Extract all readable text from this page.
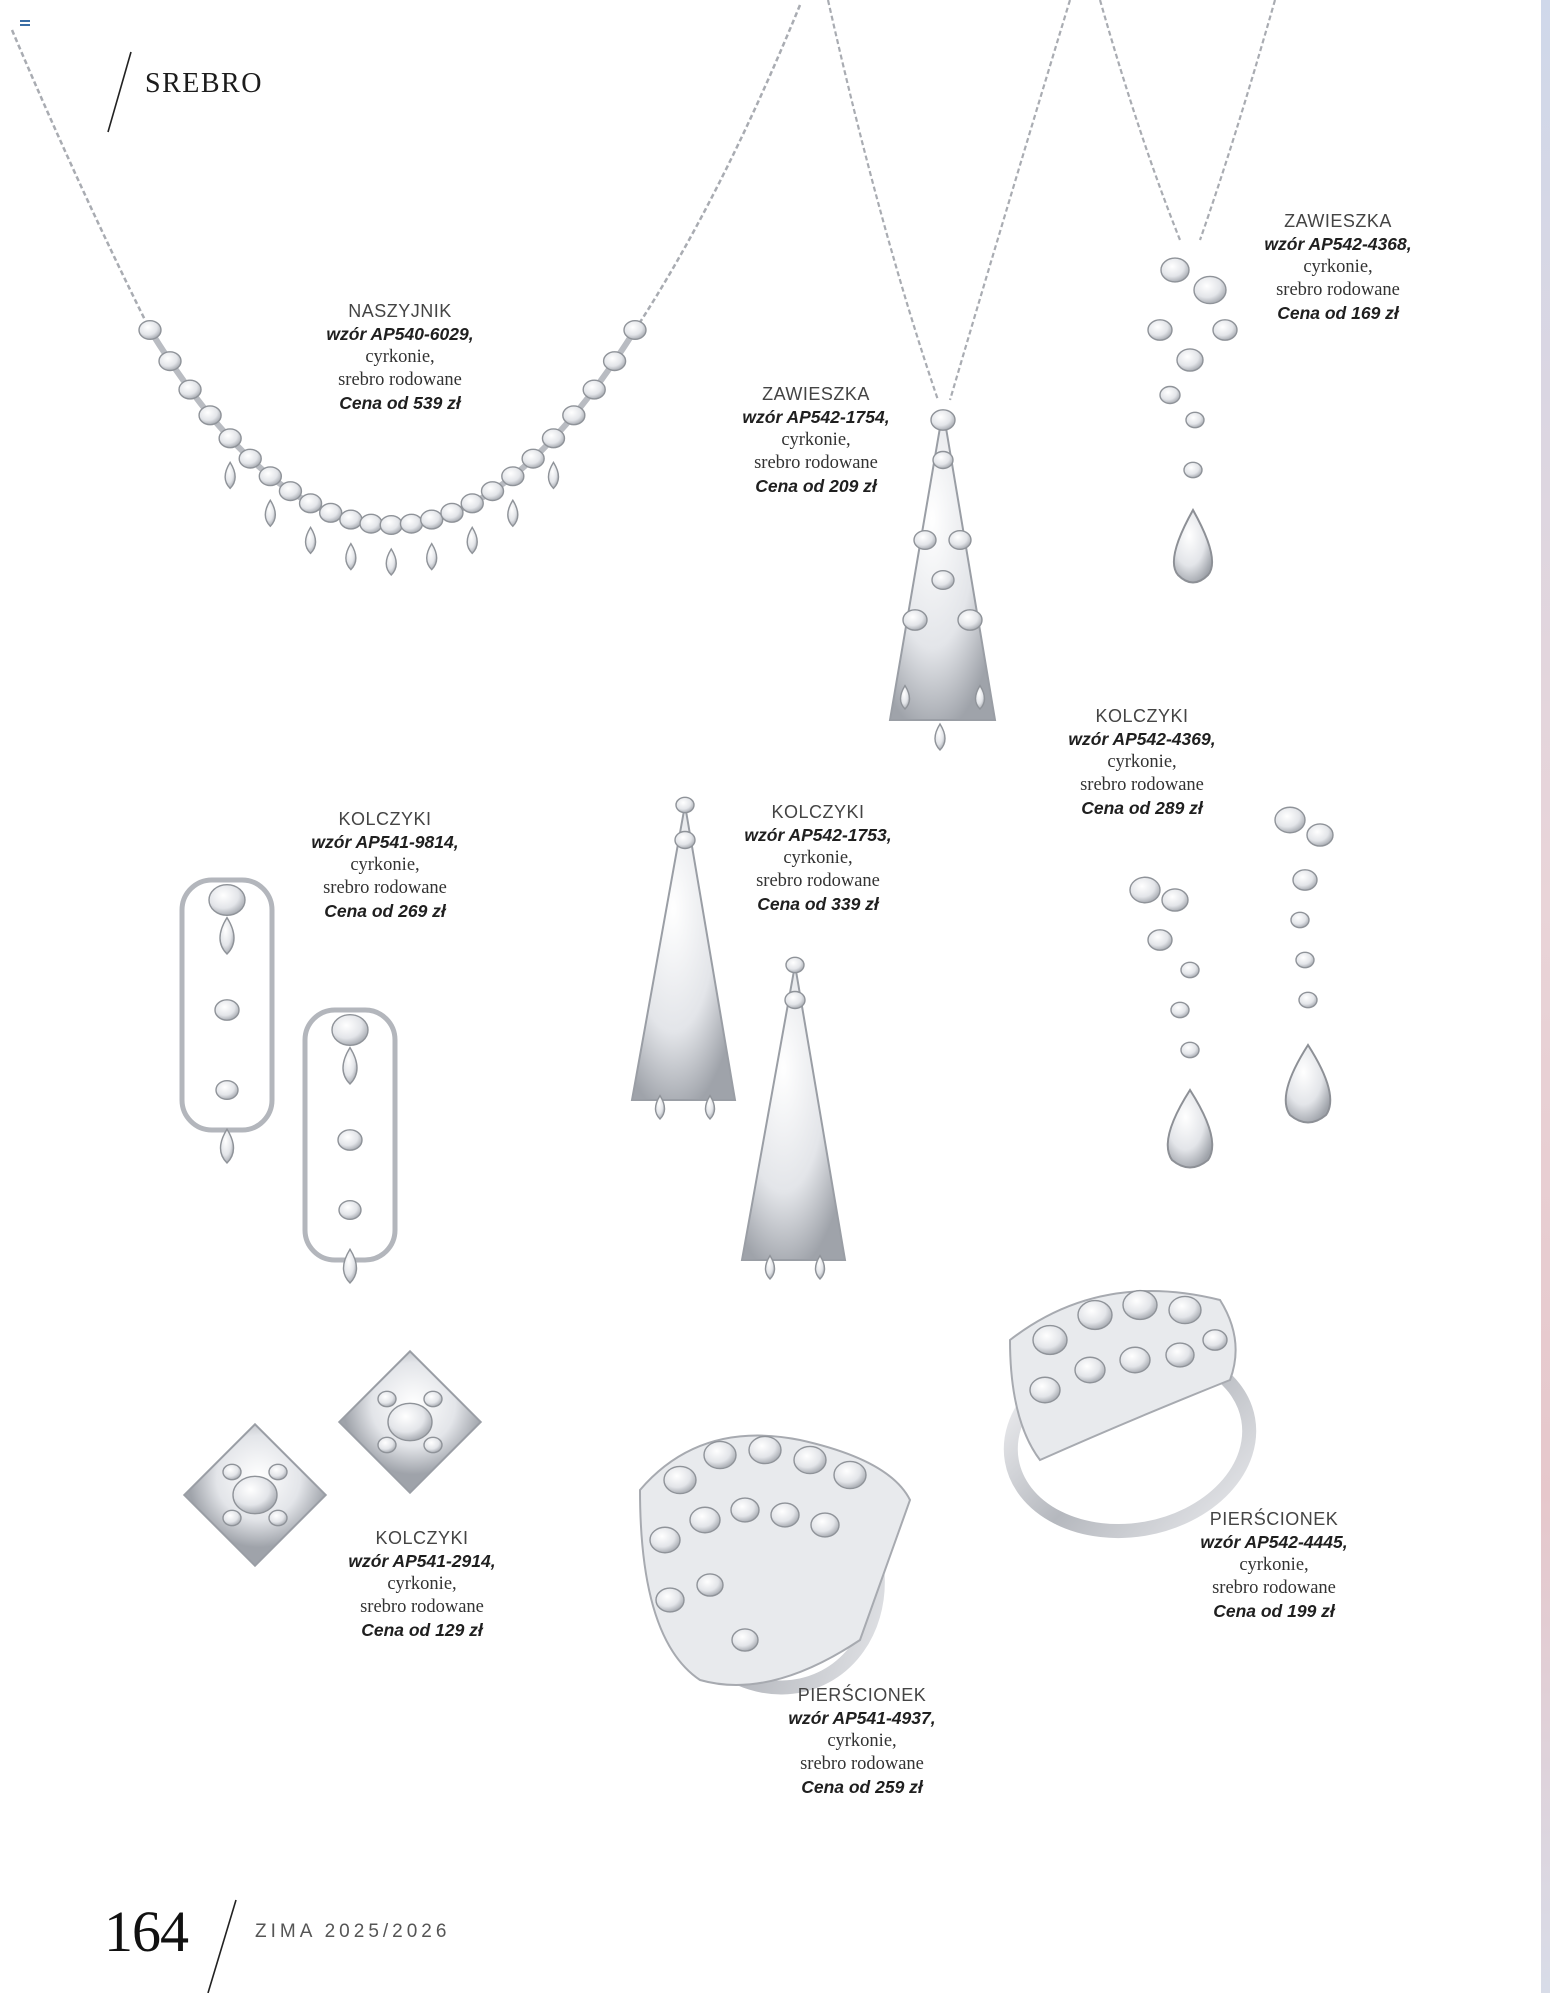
SREBRO
NASZYJNIK
wzór AP540-6029,
cyrkonie,
srebro rodowane
Cena od 539 zł	ZAWIESZKA
wzór AP542-1754,
cyrkonie,
srebro rodowane
Cena od 209 zł
ZAWIESZKA
wzór AP542-4368,
cyrkonie,
srebro rodowane
Cena od 169 zł
KOLCZYKI
wzór AP541-9814,
cyrkonie,
srebro rodowane
Cena od 269 zł
KOLCZYKI
wzór AP542-1753,
cyrkonie,
srebro rodowane
Cena od 339 zł
KOLCZYKI
wzór AP542-4369,
cyrkonie,
srebro rodowane
Cena od 289 zł
KOLCZYKI
wzór AP541-2914,
cyrkonie,
srebro rodowane
Cena od 129 zł
PIERŚCIONEK
wzór AP541-4937,
cyrkonie,
srebro rodowane
Cena od 259 zł
PIERŚCIONEK
wzór AP542-4445,
cyrkonie,
srebro rodowane
Cena od 199 zł
164	ZIMA 2025/2026
